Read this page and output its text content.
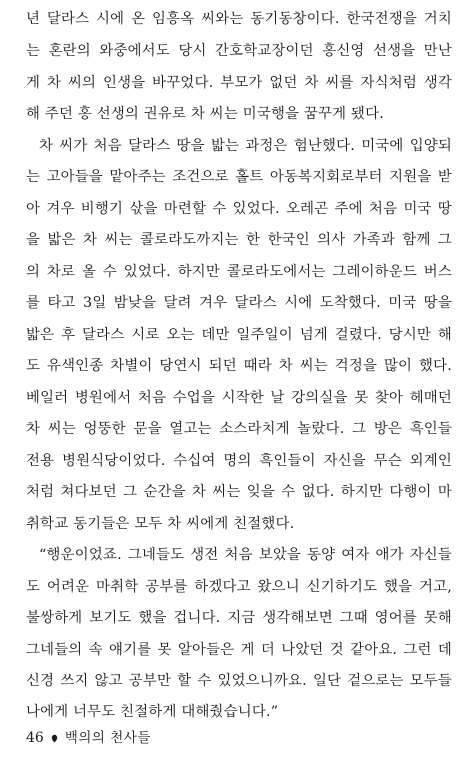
년 달라스 시에 온 임흥옥 씨와는 동기동창이다. 한국전쟁을 거치
는 혼란의 와중에서도 당시 간호학교장이던 홍신영 선생을 만난
게 차 씨의 인생을 바꾸었다. 부모가 없던 차 씨를 자식처럼 생각
해 주던 홍 선생의 권유로 차 씨는 미국행을 꿈꾸게 됐다.
차 씨가 처음 달라스 땅을 밟는 과정은 험난했다. 미국에 입양되
는 고아들을 맡아주는 조건으로 홀트 아동복지회로부터 지원을 받
아 겨우 비행기 삯을 마련할 수 있었다. 오레곤 주에 처음 미국 땅
을 밟은 차 씨는 콜로라도까지는 한 한국인 의사 가족과 함께 그
의 차로 올 수 있었다. 하지만 콜로라도에서는 그레이하운드 버스
를 타고 3일 밤낮을 달려 겨우 달라스 시에 도착했다. 미국 땅을
밟은 후 달라스 시로 오는 데만 일주일이 넘게 걸렸다. 당시만 해
도 유색인종 차별이 당연시 되던 때라 차 씨는 걱정을 많이 했다.
베일러 병원에서 처음 수업을 시작한 날 강의실을 못 찾아 헤매던
차 씨는 엉뚱한 문을 열고는 소스라치게 놀랐다. 그 방은 흑인들
전용 병원식당이었다. 수십여 명의 흑인들이 자신을 무슨 외계인
처럼 쳐다보던 그 순간을 차 씨는 잊을 수 없다. 하지만 다행이 마
취학교 동기들은 모두 차 씨에게 친절했다.
“행운이었죠. 그네들도 생전 처음 보았을 동양 여자 애가 자신들
도 어려운 마취학 공부를 하겠다고 왔으니 신기하기도 했을 거고,
불쌍하게 보기도 했을 겁니다. 지금 생각해보면 그때 영어를 못해
그네들의 속 얘기를 못 알아들은 게 더 나았던 것 같아요. 그런 데
신경 쓰지 않고 공부만 할 수 있었으니까요. 일단 겉으로는 모두들
나에게 너무도 친절하게 대해줬습니다.”
46 백의의 천사들
